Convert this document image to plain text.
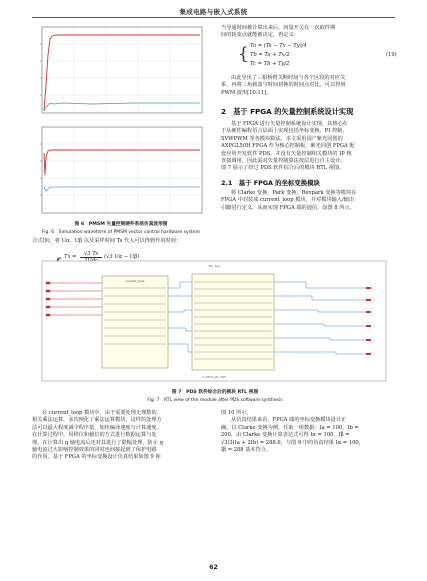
集成电路与嵌入式系统
图 6　PMSM 矢量控制硬件系统仿真波形图
Fig. 6　Simulation waveform of PMSM vector control hardware system
合式(9)，将 Uα、Uβ 以及采样时间 Ts 代入可以得到作用时间：
Tx =	√3 Ts	(√3 Uα − Uβ)

当导通时间被计算出来后，间量开关在一次取样期

间的转变点就能被决定，再定义：

{ Ta = (Ts − Tx − Ty)/4
Tb = Ta + Tx/2
Tc = Tb + Ty/2
(19)

由此导出了三相桥臂关断时间与各个区段的对应关

系，再将三角载波与时间切换的时间点对比，可以得到

PWM 波形[10-11]。

2　基于 FPGA 的矢量控制系统设计实现

基于 FPGA 进行矢量控制系统设计实现，其核心在

于从硬件编程语言层面上实现包括坐标变换、PI 控制、

SVWPWM 等各模块算法。本文采用国产紫光同创的

AXPGL50H FPGA 作为核心控制板，紫光同创 FPGA 配

套应用开发软件 PDS，并没有矢量控制相关模块的 IP 核

直接调用，因此需对矢量控制算法按层进行自主设计。

图 7 展示了经过 PDS 软件综合后的模块 RTL 视图。

2.1　基于 FPGA 的坐标变换模块

将 Clarke 变换、Park 变换、Revpark 变换等模块在

FPGA 中封装成 current_loop 模块，并对模块输入/输出

引脚进行定义，从而实现 FPGA 端的通信，如图 8 所示。

Top_top
current_loop
1_SECO_PL_50F
图 7　PDS 软件综合后的模块 RTL 视图
Fig. 7　RTL view of the module after PDS software synthesis

在 current_loop 模块中，由于需要处理无理数的

相关乘法运算，多次例化了乘法运算模块，这样的处理方

法可以最大程度减少程序量，加快编译速度与计算速度。

在计算过程中，用移位和截位的方式进行数据运算与处

理。在计算出 q 轴电流后还对其进行了限幅处理，防止 q

轴电流过大影响控制效果的同时也间接起到了保护电路

的作用。基于 FPGA 的坐标变换设计仿真结果如图 9 和

图 10 所示。

从仿真结果来看，FPGA 端的坐标变换模块设计正

确。以 Clarke 变换为例，任取一组数据：Ia = 100，Ib =

200，由 Clarke 变换计算表达式可得 Iα = 100，Iβ =

√3/3(Ia + 2Ib) = 288.6，与图 9 中的仿真结果 Iα = 100，

Iβ = 288 基本符合。

62
